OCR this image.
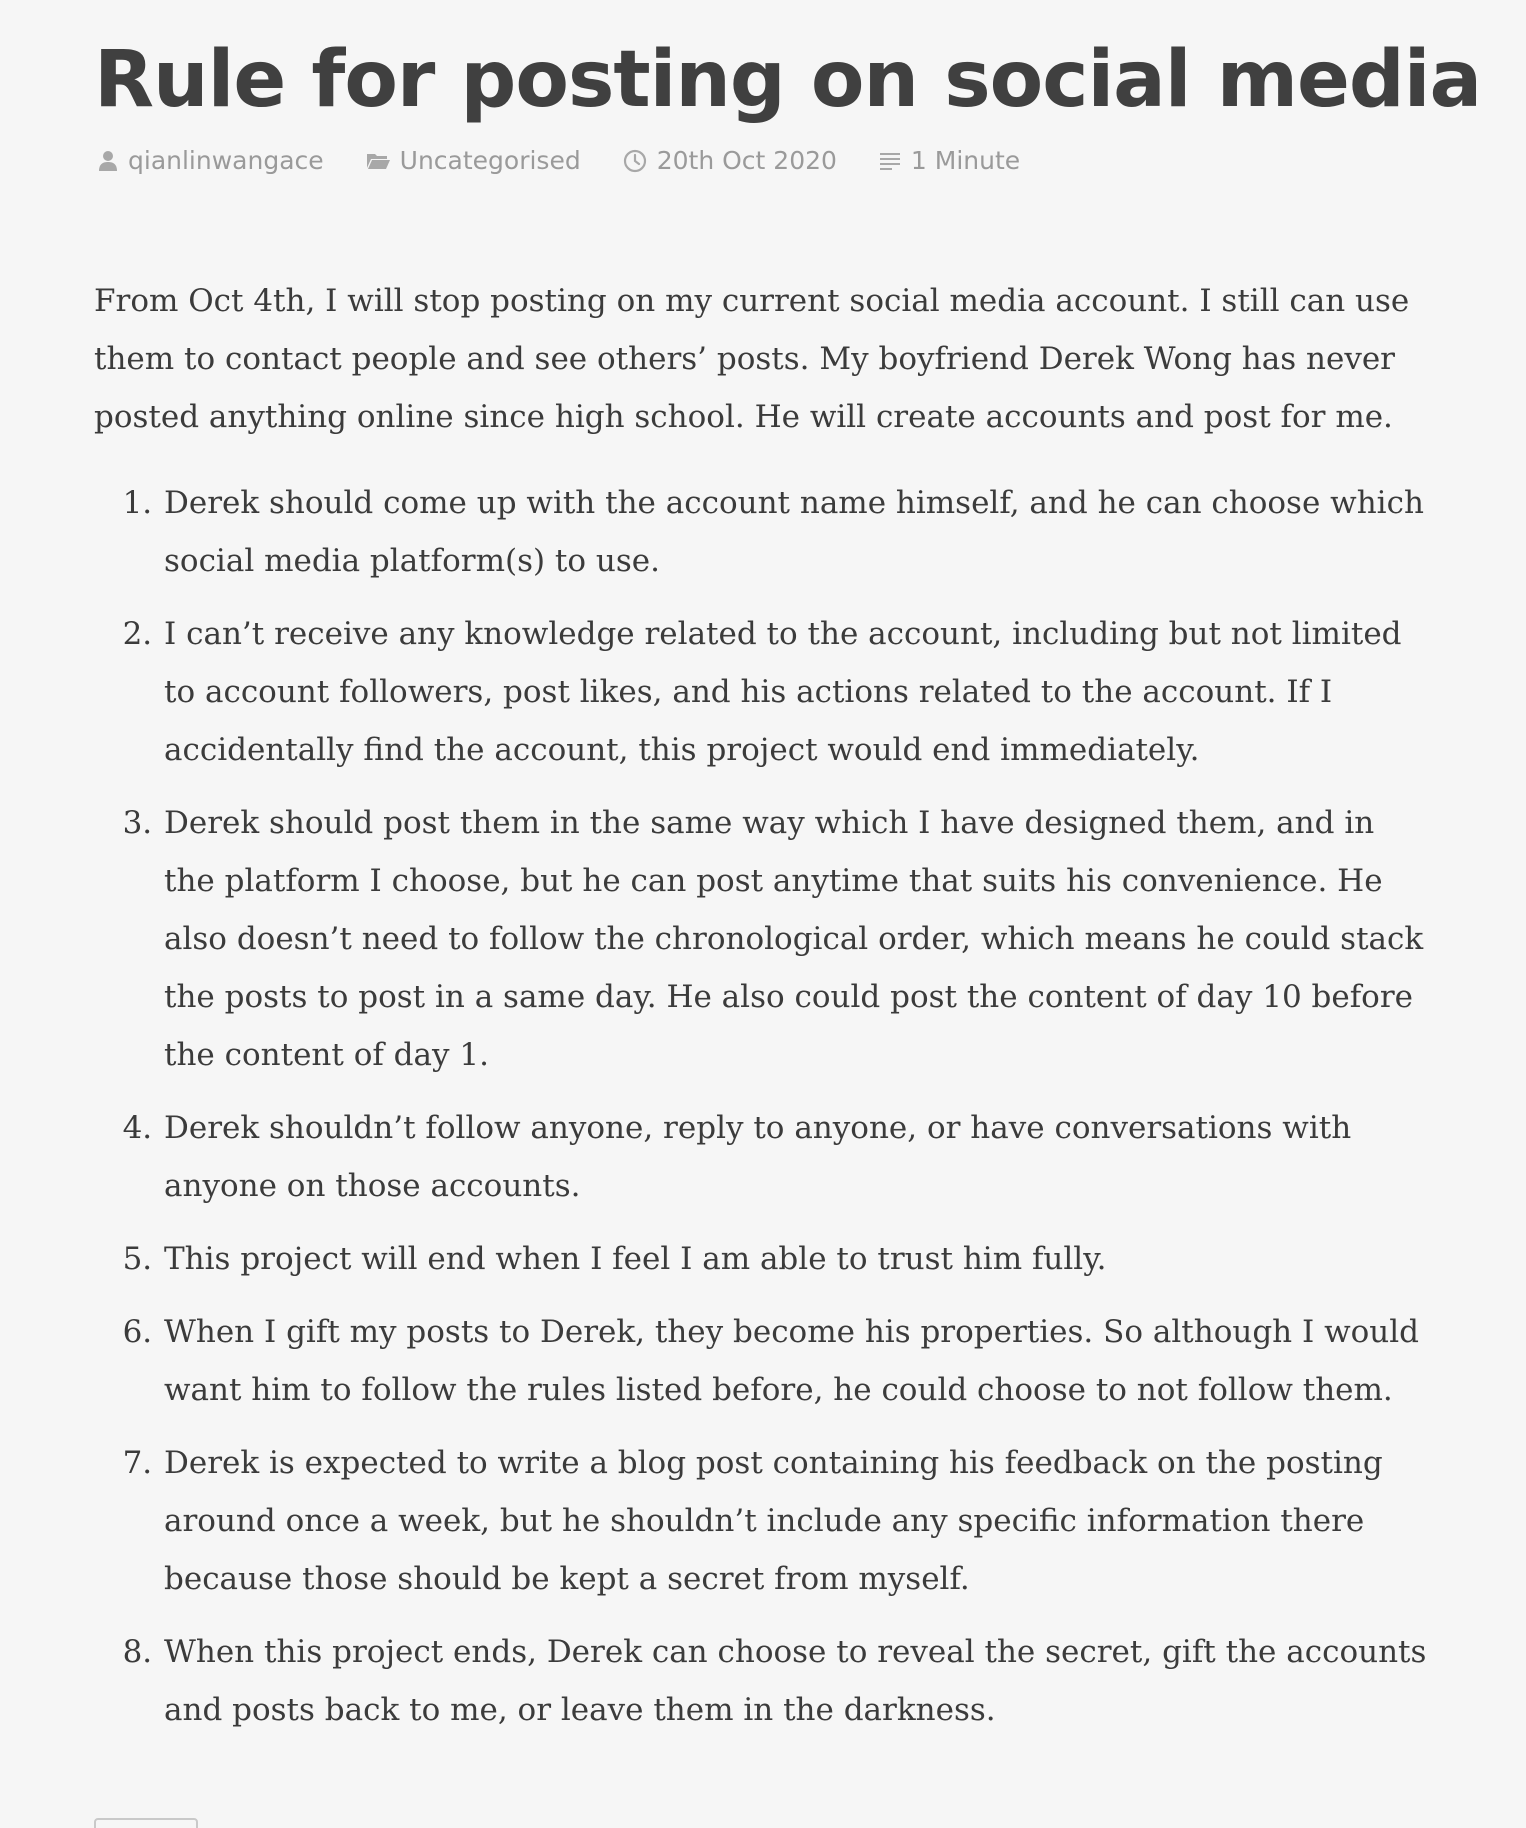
Rule for posting on social media
qianlinwangace	Uncategorised	20th Oct 2020	1 Minute

From Oct 4th, I will stop posting on my current social media account. I still can use them to contact people and see others’ posts. My boyfriend Derek Wong has never posted anything online since high school. He will create accounts and post for me.

1. Derek should come up with the account name himself, and he can choose which social media platform(s) to use.
2. I can’t receive any knowledge related to the account, including but not limited to account followers, post likes, and his actions related to the account. If I accidentally find the account, this project would end immediately.
3. Derek should post them in the same way which I have designed them, and in the platform I choose, but he can post anytime that suits his convenience. He also doesn’t need to follow the chronological order, which means he could stack the posts to post in a same day. He also could post the content of day 10 before the content of day 1.
4. Derek shouldn’t follow anyone, reply to anyone, or have conversations with anyone on those accounts.
5. This project will end when I feel I am able to trust him fully.
6. When I gift my posts to Derek, they become his properties. So although I would want him to follow the rules listed before, he could choose to not follow them.
7. Derek is expected to write a blog post containing his feedback on the posting around once a week, but he shouldn’t include any specific information there because those should be kept a secret from myself.
8. When this project ends, Derek can choose to reveal the secret, gift the accounts and posts back to me, or leave them in the darkness.
